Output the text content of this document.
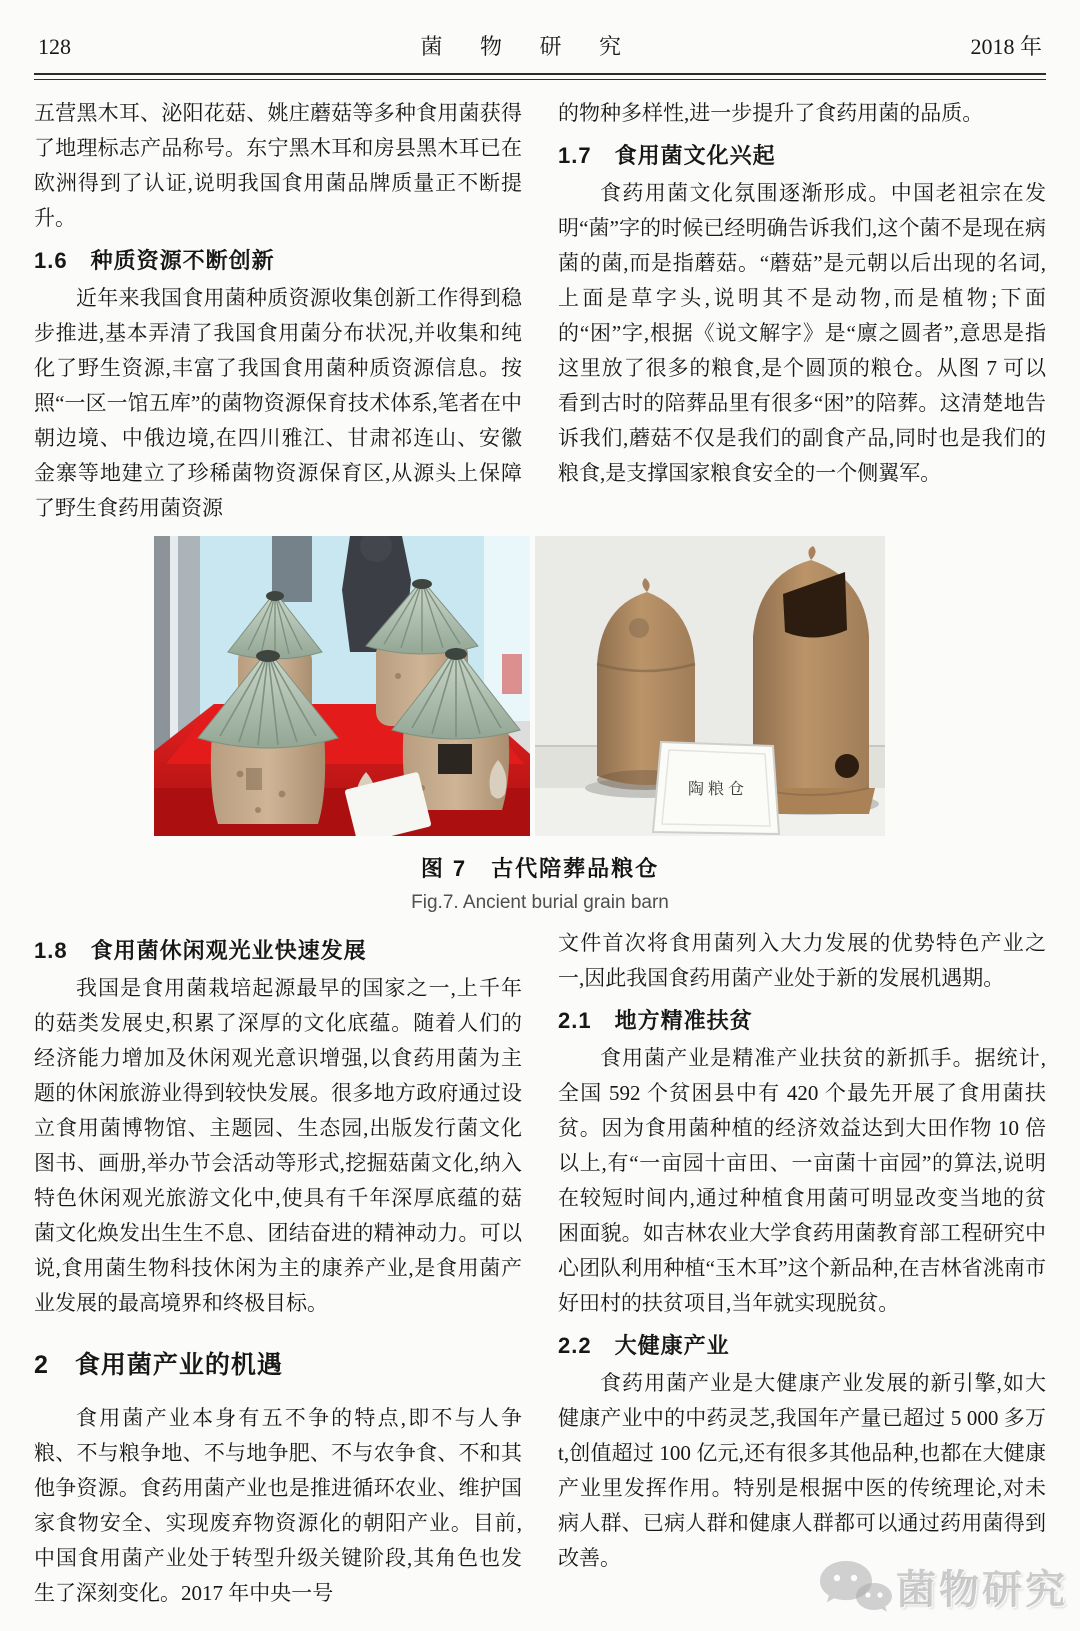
128	菌 物 研 究	2018 年

五营黑木耳、泌阳花菇、姚庄蘑菇等多种食用菌获得了地理标志产品称号。东宁黑木耳和房县黑木耳已在欧洲得到了认证,说明我国食用菌品牌质量正不断提升。

1.6　种质资源不断创新

近年来我国食用菌种质资源收集创新工作得到稳步推进,基本弄清了我国食用菌分布状况,并收集和纯化了野生资源,丰富了我国食用菌种质资源信息。按照“一区一馆五库”的菌物资源保育技术体系,笔者在中朝边境、中俄边境,在四川雅江、甘肃祁连山、安徽金寨等地建立了珍稀菌物资源保育区,从源头上保障了野生食药用菌资源

的物种多样性,进一步提升了食药用菌的品质。

1.7　食用菌文化兴起

食药用菌文化氛围逐渐形成。中国老祖宗在发明“菌”字的时候已经明确告诉我们,这个菌不是现在病菌的菌,而是指蘑菇。“蘑菇”是元朝以后出现的名词,上面是草字头,说明其不是动物,而是植物;下面的“困”字,根据《说文解字》是“廪之圆者”,意思是指这里放了很多的粮食,是个圆顶的粮仓。从图 7 可以看到古时的陪葬品里有很多“困”的陪葬。这清楚地告诉我们,蘑菇不仅是我们的副食产品,同时也是我们的粮食,是支撑国家粮食安全的一个侧翼军。

陶 粮 仓
图 7　古代陪葬品粮仓
Fig.7. Ancient burial grain barn
1.8　食用菌休闲观光业快速发展

我国是食用菌栽培起源最早的国家之一,上千年的菇类发展史,积累了深厚的文化底蕴。随着人们的经济能力增加及休闲观光意识增强,以食药用菌为主题的休闲旅游业得到较快发展。很多地方政府通过设立食用菌博物馆、主题园、生态园,出版发行菌文化图书、画册,举办节会活动等形式,挖掘菇菌文化,纳入特色休闲观光旅游文化中,使具有千年深厚底蕴的菇菌文化焕发出生生不息、团结奋进的精神动力。可以说,食用菌生物科技休闲为主的康养产业,是食用菌产业发展的最高境界和终极目标。

2　食用菌产业的机遇

食用菌产业本身有五不争的特点,即不与人争粮、不与粮争地、不与地争肥、不与农争食、不和其他争资源。食药用菌产业也是推进循环农业、维护国家食物安全、实现废弃物资源化的朝阳产业。目前,中国食用菌产业处于转型升级关键阶段,其角色也发生了深刻变化。2017 年中央一号

文件首次将食用菌列入大力发展的优势特色产业之一,因此我国食药用菌产业处于新的发展机遇期。

2.1　地方精准扶贫

食用菌产业是精准产业扶贫的新抓手。据统计,全国 592 个贫困县中有 420 个最先开展了食用菌扶贫。因为食用菌种植的经济效益达到大田作物 10 倍以上,有“一亩园十亩田、一亩菌十亩园”的算法,说明在较短时间内,通过种植食用菌可明显改变当地的贫困面貌。如吉林农业大学食药用菌教育部工程研究中心团队利用种植“玉木耳”这个新品种,在吉林省洮南市好田村的扶贫项目,当年就实现脱贫。

2.2　大健康产业

食药用菌产业是大健康产业发展的新引擎,如大健康产业中的中药灵芝,我国年产量已超过 5 000 多万t,创值超过 100 亿元,还有很多其他品种,也都在大健康产业里发挥作用。特别是根据中医的传统理论,对未病人群、已病人群和健康人群都可以通过药用菌得到改善。

菌物研究
